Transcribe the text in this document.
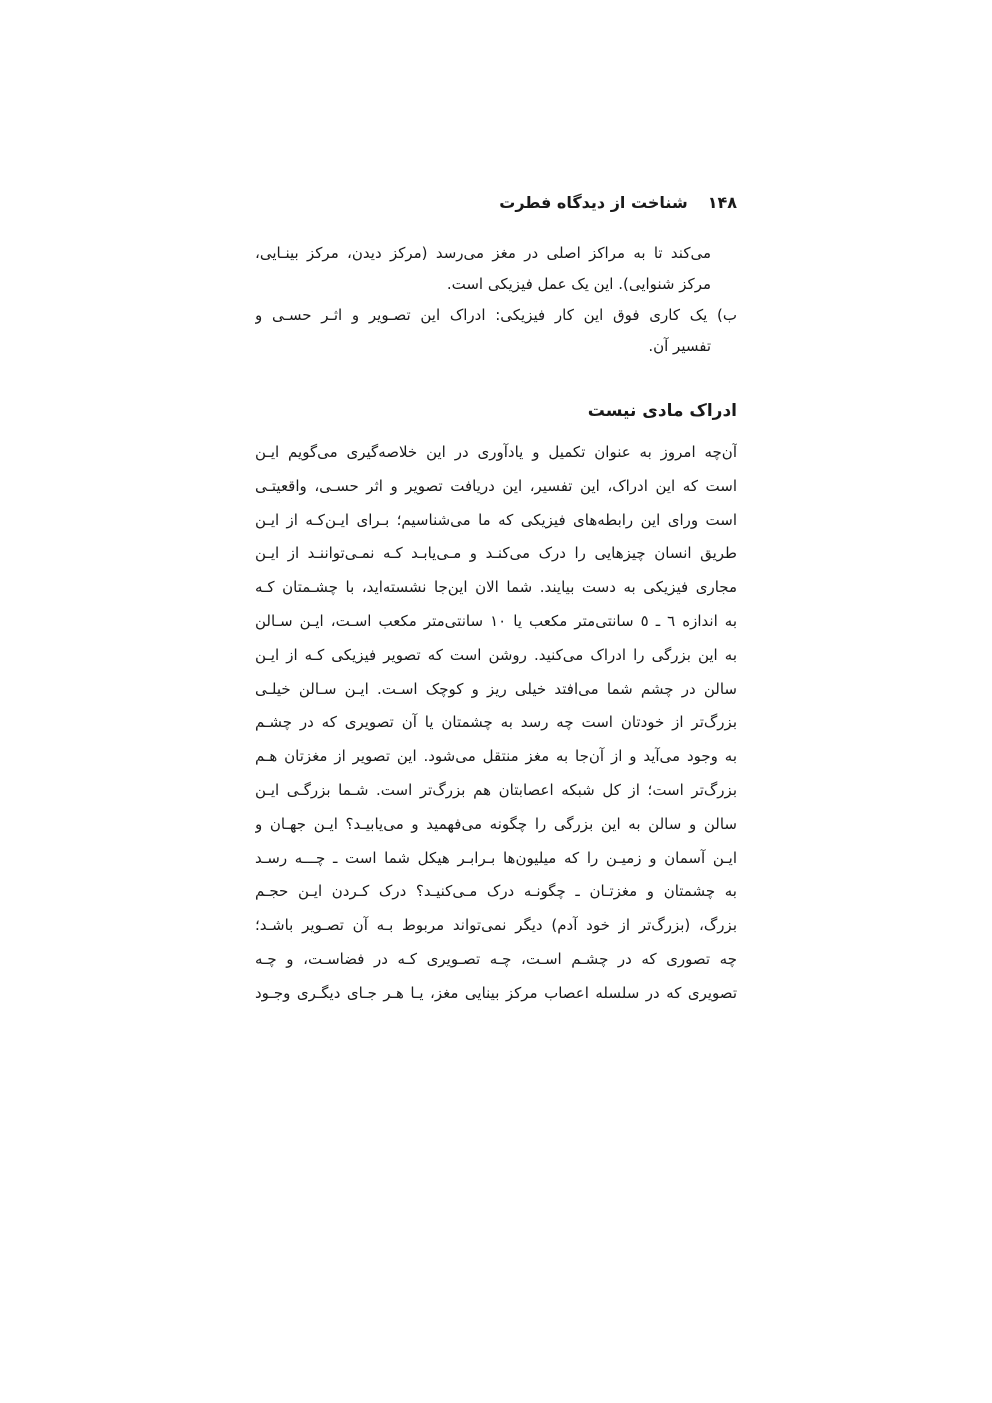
۱۴۸شناخت از دیدگاه فطرت
می‌کند تا به مراکز اصلی در مغز می‌رسد (مرکز دیدن، مرکز بینـایی،
مرکز شنوایی). این یک عمل فیزیکی است.
ب) یک کاری فوق این کار فیزیکی: ادراک این تصـویر و اثـر حسـی و
تفسیر آن.
ادراک مادی نیست
آن‌چه امروز به عنوان تکمیل و یادآوری در این خلاصه‌گیری می‌گویم ایـن
است که این ادراک، این تفسیر، این دریافت تصویر و اثر حسـی، واقعیتـی
است ورای این رابطه‌های فیزیکی که ما می‌شناسیم؛ بـرای ایـن‌کـه از ایـن
طریق انسان چیزهایی را درک می‌کنـد و مـی‌یابـد کـه نمـی‌تواننـد از ایـن
مجاری فیزیکی به دست بیایند. شما الان این‌جا نشسته‌اید، با چشـمتان کـه
به اندازه ٦ ـ ٥ سانتی‌متر مکعب یا ١٠ سانتی‌متر مکعب اسـت، ایـن سـالن
به این بزرگی را ادراک می‌کنید. روشن است که تصویر فیزیکی کـه از ایـن
سالن در چشم شما می‌افتد خیلی ریز و کوچک اسـت. ایـن سـالن خیلـی
بزرگ‌تر از خودتان است چه رسد به چشمتان یا آن تصویری که در چشـم
به وجود می‌آید و از آن‌جا به مغز منتقل می‌شود. این تصویر از مغزتان هـم
بزرگ‌تر است؛ از کل شبکه اعصابتان هم بزرگ‌تر است. شـما بزرگـی ایـن
سالن و سالن به این بزرگی را چگونه می‌فهمید و می‌یابیـد؟ ایـن جهـان و
ایـن آسمان و زمیـن را که میلیون‌ها بـرابـر هیکل شما است ـ چـــه رسـد
به چشمتان و مغزتـان ـ چگونـه درک مـی‌کنیـد؟ درک کـردن ایـن حجـم
بزرگ، (بزرگ‌تر از خود آدم) دیگر نمی‌تواند مربوط بـه آن تصـویر باشـد؛
چه تصوری که در چشـم اسـت، چـه تصـویری کـه در فضاسـت، و چـه
تصویری که در سلسله اعصاب مرکز بینایی مغز، یـا هـر جـای دیگـری وجـود
